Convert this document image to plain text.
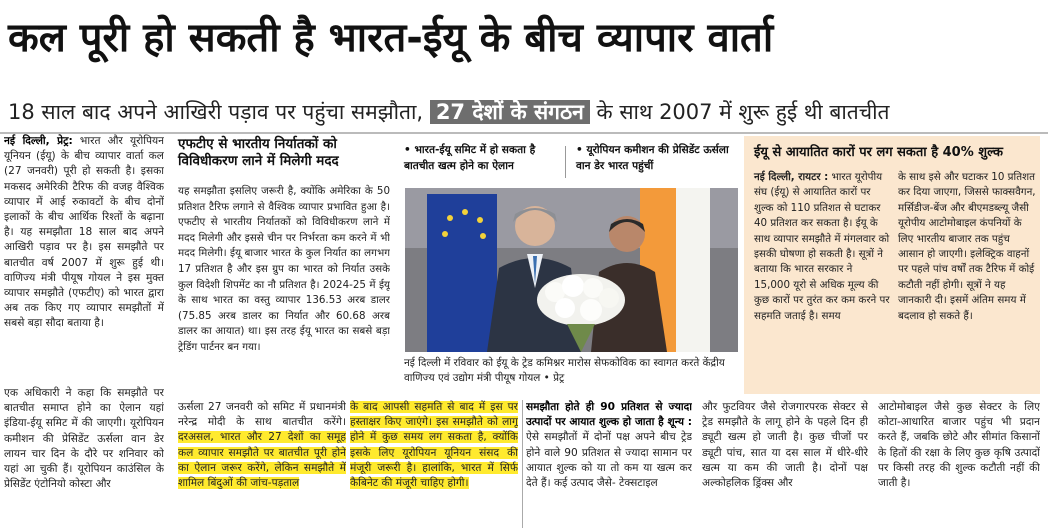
कल पूरी हो सकती है भारत-ईयू के बीच व्यापार वार्ता
18 साल बाद अपने आखिरी पड़ाव पर पहुंचा समझौता, 27 देशों के संगठन के साथ 2007 में शुरू हुई थी बातचीत
नई दिल्ली, प्रेट्र: भारत और यूरोपियन यूनियन (ईयू) के बीच व्यापार वार्ता कल (27 जनवरी) पूरी हो सकती है। इसका मकसद अमेरिकी टैरिफ की वजह वैश्विक व्यापार में आई रुकावटों के बीच दोनों इलाकों के बीच आर्थिक रिश्तों के बढ़ाना है। यह समझौता 18 साल बाद अपने आखिरी पड़ाव पर है। इस समझौते पर बातचीत वर्ष 2007 में शुरू हुई थी। वाणिज्य मंत्री पीयूष गोयल ने इस मुक्त व्यापार समझौते (एफटीए) को भारत द्वारा अब तक किए गए व्यापार समझौतों में सबसे बड़ा सौदा बताया है।
एक अधिकारी ने कहा कि समझौते पर बातचीत समाप्त होने का ऐलान यहां इंडिया-ईयू समिट में की जाएगी। यूरोपियन कमीशन की प्रेसिडेंट ऊर्सला वान डेर लायन चार दिन के दौरे पर शनिवार को यहां आ चुकी हैं। यूरोपियन काउंसिल के प्रेसिडेंट एंटोनियो कोस्टा और
एफटीए से भारतीय निर्यातकों को विविधीकरण लाने में मिलेगी मदद
यह समझौता इसलिए जरूरी है, क्योंकि अमेरिका के 50 प्रतिशत टैरिफ लगाने से वैश्विक व्यापार प्रभावित हुआ है। एफटीए से भारतीय निर्यातकों को विविधीकरण लाने में मदद मिलेगी और इससे चीन पर निर्भरता कम करने में भी मदद मिलेगी। ईयू बाजार भारत के कुल निर्यात का लगभग 17 प्रतिशत है और इस ग्रुप का भारत को निर्यात उसके कुल विदेशी शिपमेंट का नौ प्रतिशत है। 2024-25 में ईयू के साथ भारत का वस्तु व्यापार 136.53 अरब डालर (75.85 अरब डालर का निर्यात और 60.68 अरब डालर का आयात) था। इस तरह ईयू भारत का सबसे बड़ा ट्रेडिंग पार्टनर बन गया।
• भारत-ईयू समिट में हो सकता है बातचीत खत्म होने का ऐलान
• यूरोपियन कमीशन की प्रेसिडेंट ऊर्सला वान डेर भारत पहुंचीं
नई दिल्ली में रविवार को ईयू के ट्रेड कमिश्नर मारोस सेफकोविक का स्वागत करते केंद्रीय वाणिज्य एवं उद्योग मंत्री पीयूष गोयल • प्रेट्र
ईयू से आयातित कारों पर लग सकता है 40% शुल्क
नई दिल्ली, रायटर : भारत यूरोपीय संघ (ईयू) से आयातित कारों पर शुल्क को 110 प्रतिशत से घटाकर 40 प्रतिशत कर सकता है। ईयू के साथ व्यापार समझौते में मंगलवार को इसकी घोषणा हो सकती है। सूत्रों ने बताया कि भारत सरकार ने 15,000 यूरो से अधिक मूल्य की कुछ कारों पर तुरंत कर कम करने पर सहमति जताई है। समय
के साथ इसे और घटाकर 10 प्रतिशत कर दिया जाएगा, जिससे फाक्सवैगन, मर्सिडीज-बेंज और बीएमडब्ल्यू जैसी यूरोपीय आटोमोबाइल कंपनियों के लिए भारतीय बाजार तक पहुंच आसान हो जाएगी। इलेक्ट्रिक वाहनों पर पहले पांच वर्षों तक टैरिफ में कोई कटौती नहीं होगी। सूत्रों ने यह जानकारी दी। इसमें अंतिम समय में बदलाव हो सकते हैं।
ऊर्सला 27 जनवरी को समिट में प्रधानमंत्री नरेन्द्र मोदी के साथ बातचीत करेंगे। दरअसल, भारत और 27 देशों का समूह कल व्यापार समझौते पर बातचीत पूरी होने का ऐलान जरूर करेंगे, लेकिन समझौते में शामिल बिंदुओं की जांच-पड़ताल
के बाद आपसी सहमति से बाद में इस पर हस्ताक्षर किए जाएंगे। इस समझौते को लागू होने में कुछ समय लग सकता है, क्योंकि इसके लिए यूरोपियन यूनियन संसद की मंजूरी जरूरी है। हालांकि, भारत में सिर्फ कैबिनेट की मंजूरी चाहिए होगी।
समझौता होते ही 90 प्रतिशत से ज्यादा उत्पादों पर आयात शुल्क हो जाता है शून्य : ऐसे समझौतों में दोनों पक्ष अपने बीच ट्रेड होने वाले 90 प्रतिशत से ज्यादा सामान पर आयात शुल्क को या तो कम या खत्म कर देते हैं। कई उत्पाद जैसे- टेक्सटाइल
और फुटवियर जैसे रोजगारपरक सेक्टर से ट्रेड समझौते के लागू होने के पहले दिन ही ड्यूटी खत्म हो जाती है। कुछ चीजों पर ड्यूटी पांच, सात या दस साल में धीरे-धीरे खत्म या कम की जाती है। दोनों पक्ष अल्कोहलिक ड्रिंक्स और
आटोमोबाइल जैसे कुछ सेक्टर के लिए कोटा-आधारित बाजार पहुंच भी प्रदान करते हैं, जबकि छोटे और सीमांत किसानों के हितों की रक्षा के लिए कुछ कृषि उत्पादों पर किसी तरह की शुल्क कटौती नहीं की जाती है।
